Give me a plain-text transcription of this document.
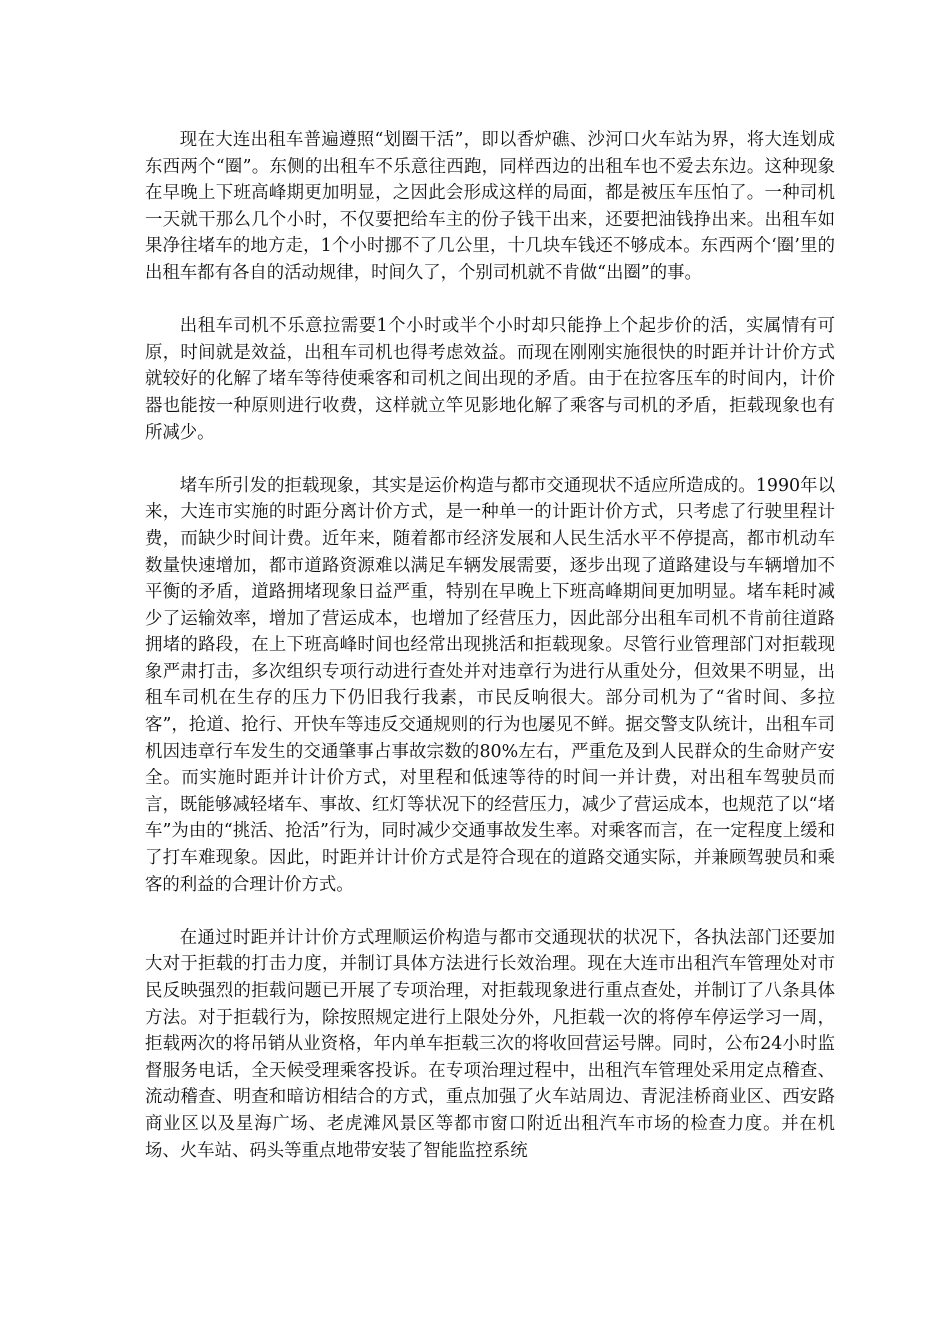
现在大连出租车普遍遵照“划圈干活”，即以香炉礁、沙河口火车站为界，将大连划成东西两个“圈”。东侧的出租车不乐意往西跑，同样西边的出租车也不爱去东边。这种现象在早晚上下班高峰期更加明显，之因此会形成这样的局面，都是被压车压怕了。一种司机一天就干那么几个小时，不仅要把给车主的份子钱干出来，还要把油钱挣出来。出租车如果净往堵车的地方走，1个小时挪不了几公里，十几块车钱还不够成本。东西两个‘圈’里的出租车都有各自的活动规律，时间久了，个别司机就不肯做“出圈”的事。

出租车司机不乐意拉需要1个小时或半个小时却只能挣上个起步价的活，实属情有可原，时间就是效益，出租车司机也得考虑效益。而现在刚刚实施很快的时距并计计价方式就较好的化解了堵车等待使乘客和司机之间出现的矛盾。由于在拉客压车的时间内，计价器也能按一种原则进行收费，这样就立竿见影地化解了乘客与司机的矛盾，拒载现象也有所减少。

堵车所引发的拒载现象，其实是运价构造与都市交通现状不适应所造成的。1990年以来，大连市实施的时距分离计价方式，是一种单一的计距计价方式，只考虑了行驶里程计费，而缺少时间计费。近年来，随着都市经济发展和人民生活水平不停提高，都市机动车数量快速增加，都市道路资源难以满足车辆发展需要，逐步出现了道路建设与车辆增加不平衡的矛盾，道路拥堵现象日益严重，特别在早晚上下班高峰期间更加明显。堵车耗时减少了运输效率，增加了营运成本，也增加了经营压力，因此部分出租车司机不肯前往道路拥堵的路段，在上下班高峰时间也经常出现挑活和拒载现象。尽管行业管理部门对拒载现象严肃打击，多次组织专项行动进行查处并对违章行为进行从重处分，但效果不明显，出租车司机在生存的压力下仍旧我行我素，市民反响很大。部分司机为了“省时间、多拉客”，抢道、抢行、开快车等违反交通规则的行为也屡见不鲜。据交警支队统计，出租车司机因违章行车发生的交通肇事占事故宗数的80%左右，严重危及到人民群众的生命财产安全。而实施时距并计计价方式，对里程和低速等待的时间一并计费，对出租车驾驶员而言，既能够减轻堵车、事故、红灯等状况下的经营压力，减少了营运成本，也规范了以“堵车”为由的“挑活、抢活”行为，同时减少交通事故发生率。对乘客而言，在一定程度上缓和了打车难现象。因此，时距并计计价方式是符合现在的道路交通实际，并兼顾驾驶员和乘客的利益的合理计价方式。

在通过时距并计计价方式理顺运价构造与都市交通现状的状况下，各执法部门还要加大对于拒载的打击力度，并制订具体方法进行长效治理。现在大连市出租汽车管理处对市民反映强烈的拒载问题已开展了专项治理，对拒载现象进行重点查处，并制订了八条具体方法。对于拒载行为，除按照规定进行上限处分外，凡拒载一次的将停车停运学习一周，拒载两次的将吊销从业资格，年内单车拒载三次的将收回营运号牌。同时，公布24小时监督服务电话，全天候受理乘客投诉。在专项治理过程中，出租汽车管理处采用定点稽查、流动稽查、明查和暗访相结合的方式，重点加强了火车站周边、青泥洼桥商业区、西安路商业区以及星海广场、老虎滩风景区等都市窗口附近出租汽车市场的检查力度。并在机场、火车站、码头等重点地带安装了智能监控系统
